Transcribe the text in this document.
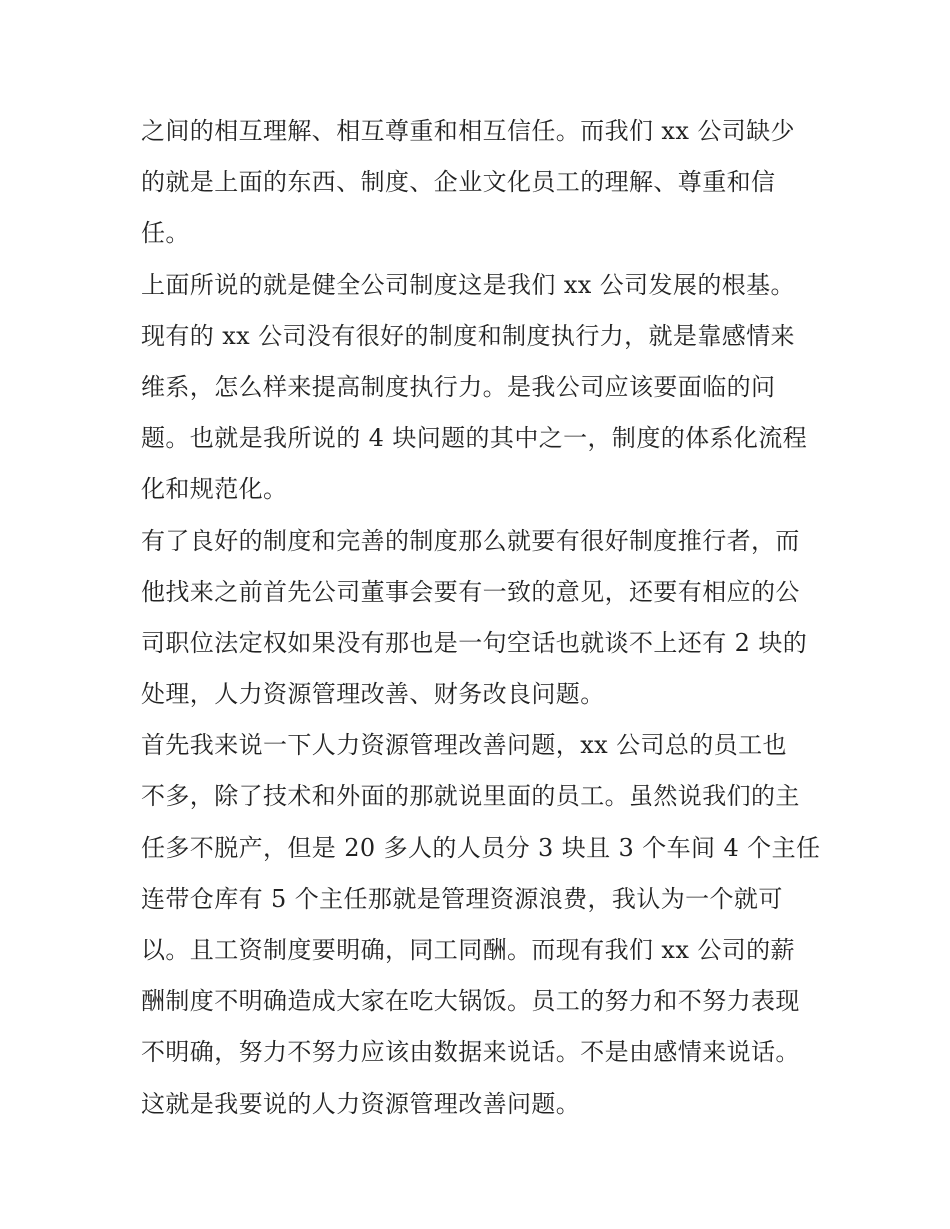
之间的相互理解、相互尊重和相互信任。而我们 xx 公司缺少
的就是上面的东西、制度、企业文化员工的理解、尊重和信
任。
上面所说的就是健全公司制度这是我们 xx 公司发展的根基。
现有的 xx 公司没有很好的制度和制度执行力，就是靠感情来
维系，怎么样来提高制度执行力。是我公司应该要面临的问
题。也就是我所说的 4 块问题的其中之一，制度的体系化流程
化和规范化。
有了良好的制度和完善的制度那么就要有很好制度推行者，而
他找来之前首先公司董事会要有一致的意见，还要有相应的公
司职位法定权如果没有那也是一句空话也就谈不上还有 2 块的
处理，人力资源管理改善、财务改良问题。
首先我来说一下人力资源管理改善问题，xx 公司总的员工也
不多，除了技术和外面的那就说里面的员工。虽然说我们的主
任多不脱产，但是 20 多人的人员分 3 块且 3 个车间 4 个主任
连带仓库有 5 个主任那就是管理资源浪费，我认为一个就可
以。且工资制度要明确，同工同酬。而现有我们 xx 公司的薪
酬制度不明确造成大家在吃大锅饭。员工的努力和不努力表现
不明确，努力不努力应该由数据来说话。不是由感情来说话。
这就是我要说的人力资源管理改善问题。
